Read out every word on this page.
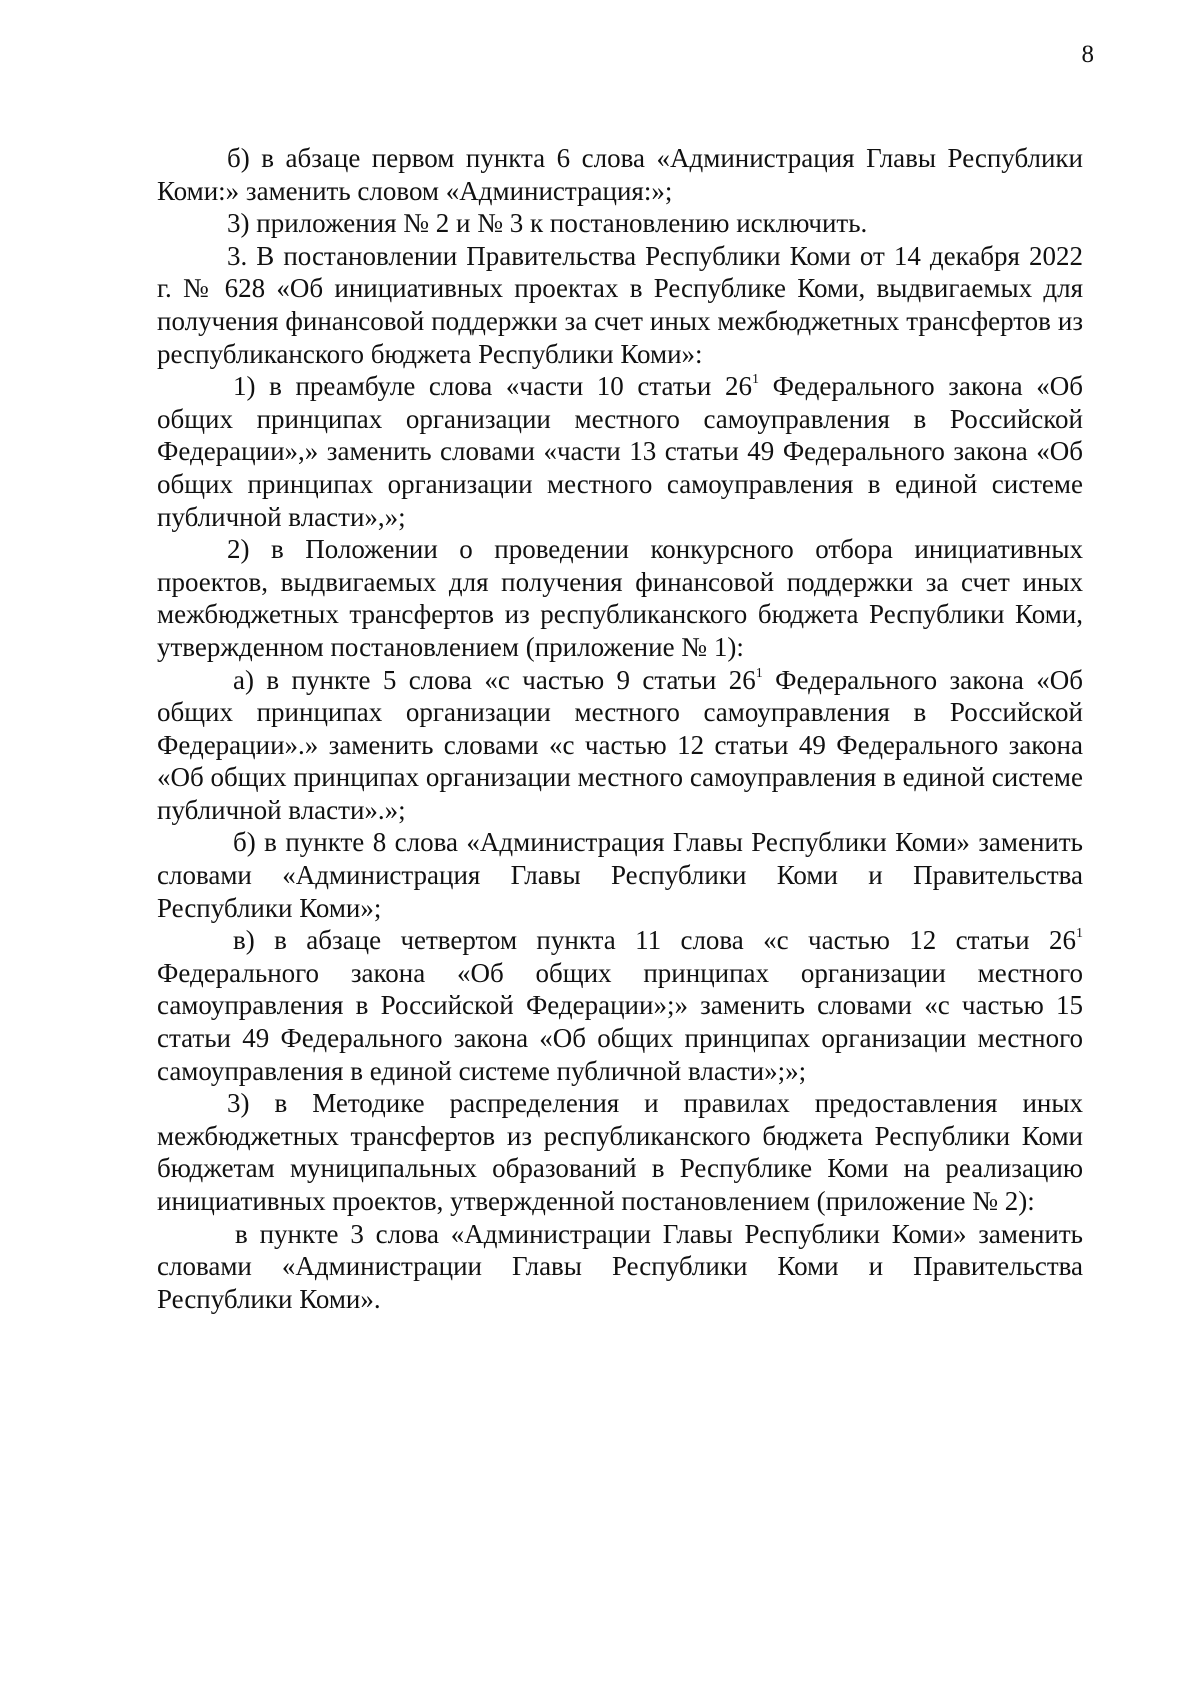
8

б) в абзаце первом пункта 6 слова «Администрация Главы Республики Коми:» заменить словом «Администрация:»;

3) приложения № 2 и № 3 к постановлению исключить.

3. В постановлении Правительства Республики Коми от 14 декабря 2022 г. № 628 «Об инициативных проектах в Республике Коми, выдвигаемых для получения финансовой поддержки за счет иных межбюджетных трансфертов из республиканского бюджета Республики Коми»:

1) в преамбуле слова «части 10 статьи $26^1$ Федерального закона «Об общих принципах организации местного самоуправления в Российской Федерации»,» заменить словами «части 13 статьи 49 Федерального закона «Об общих принципах организации местного самоуправления в единой системе публичной власти»,»;

2) в Положении о проведении конкурсного отбора инициативных проектов, выдвигаемых для получения финансовой поддержки за счет иных межбюджетных трансфертов из республиканского бюджета Республики Коми, утвержденном постановлением (приложение № 1):

а) в пункте 5 слова «с частью 9 статьи $26^1$ Федерального закона «Об общих принципах организации местного самоуправления в Российской Федерации».» заменить словами «с частью 12 статьи 49 Федерального закона «Об общих принципах организации местного самоуправления в единой системе публичной власти».»;

б) в пункте 8 слова «Администрация Главы Республики Коми» заменить словами «Администрация Главы Республики Коми и Правительства Республики Коми»;

в) в абзаце четвертом пункта 11 слова «с частью 12 статьи $26^1$ Федерального закона «Об общих принципах организации местного самоуправления в Российской Федерации»;» заменить словами «с частью 15 статьи 49 Федерального закона «Об общих принципах организации местного самоуправления в единой системе публичной власти»;»;

3) в Методике распределения и правилах предоставления иных межбюджетных трансфертов из республиканского бюджета Республики Коми бюджетам муниципальных образований в Республике Коми на реализацию инициативных проектов, утвержденной постановлением (приложение № 2):

в пункте 3 слова «Администрации Главы Республики Коми» заменить словами «Администрации Главы Республики Коми и Правительства Республики Коми».
